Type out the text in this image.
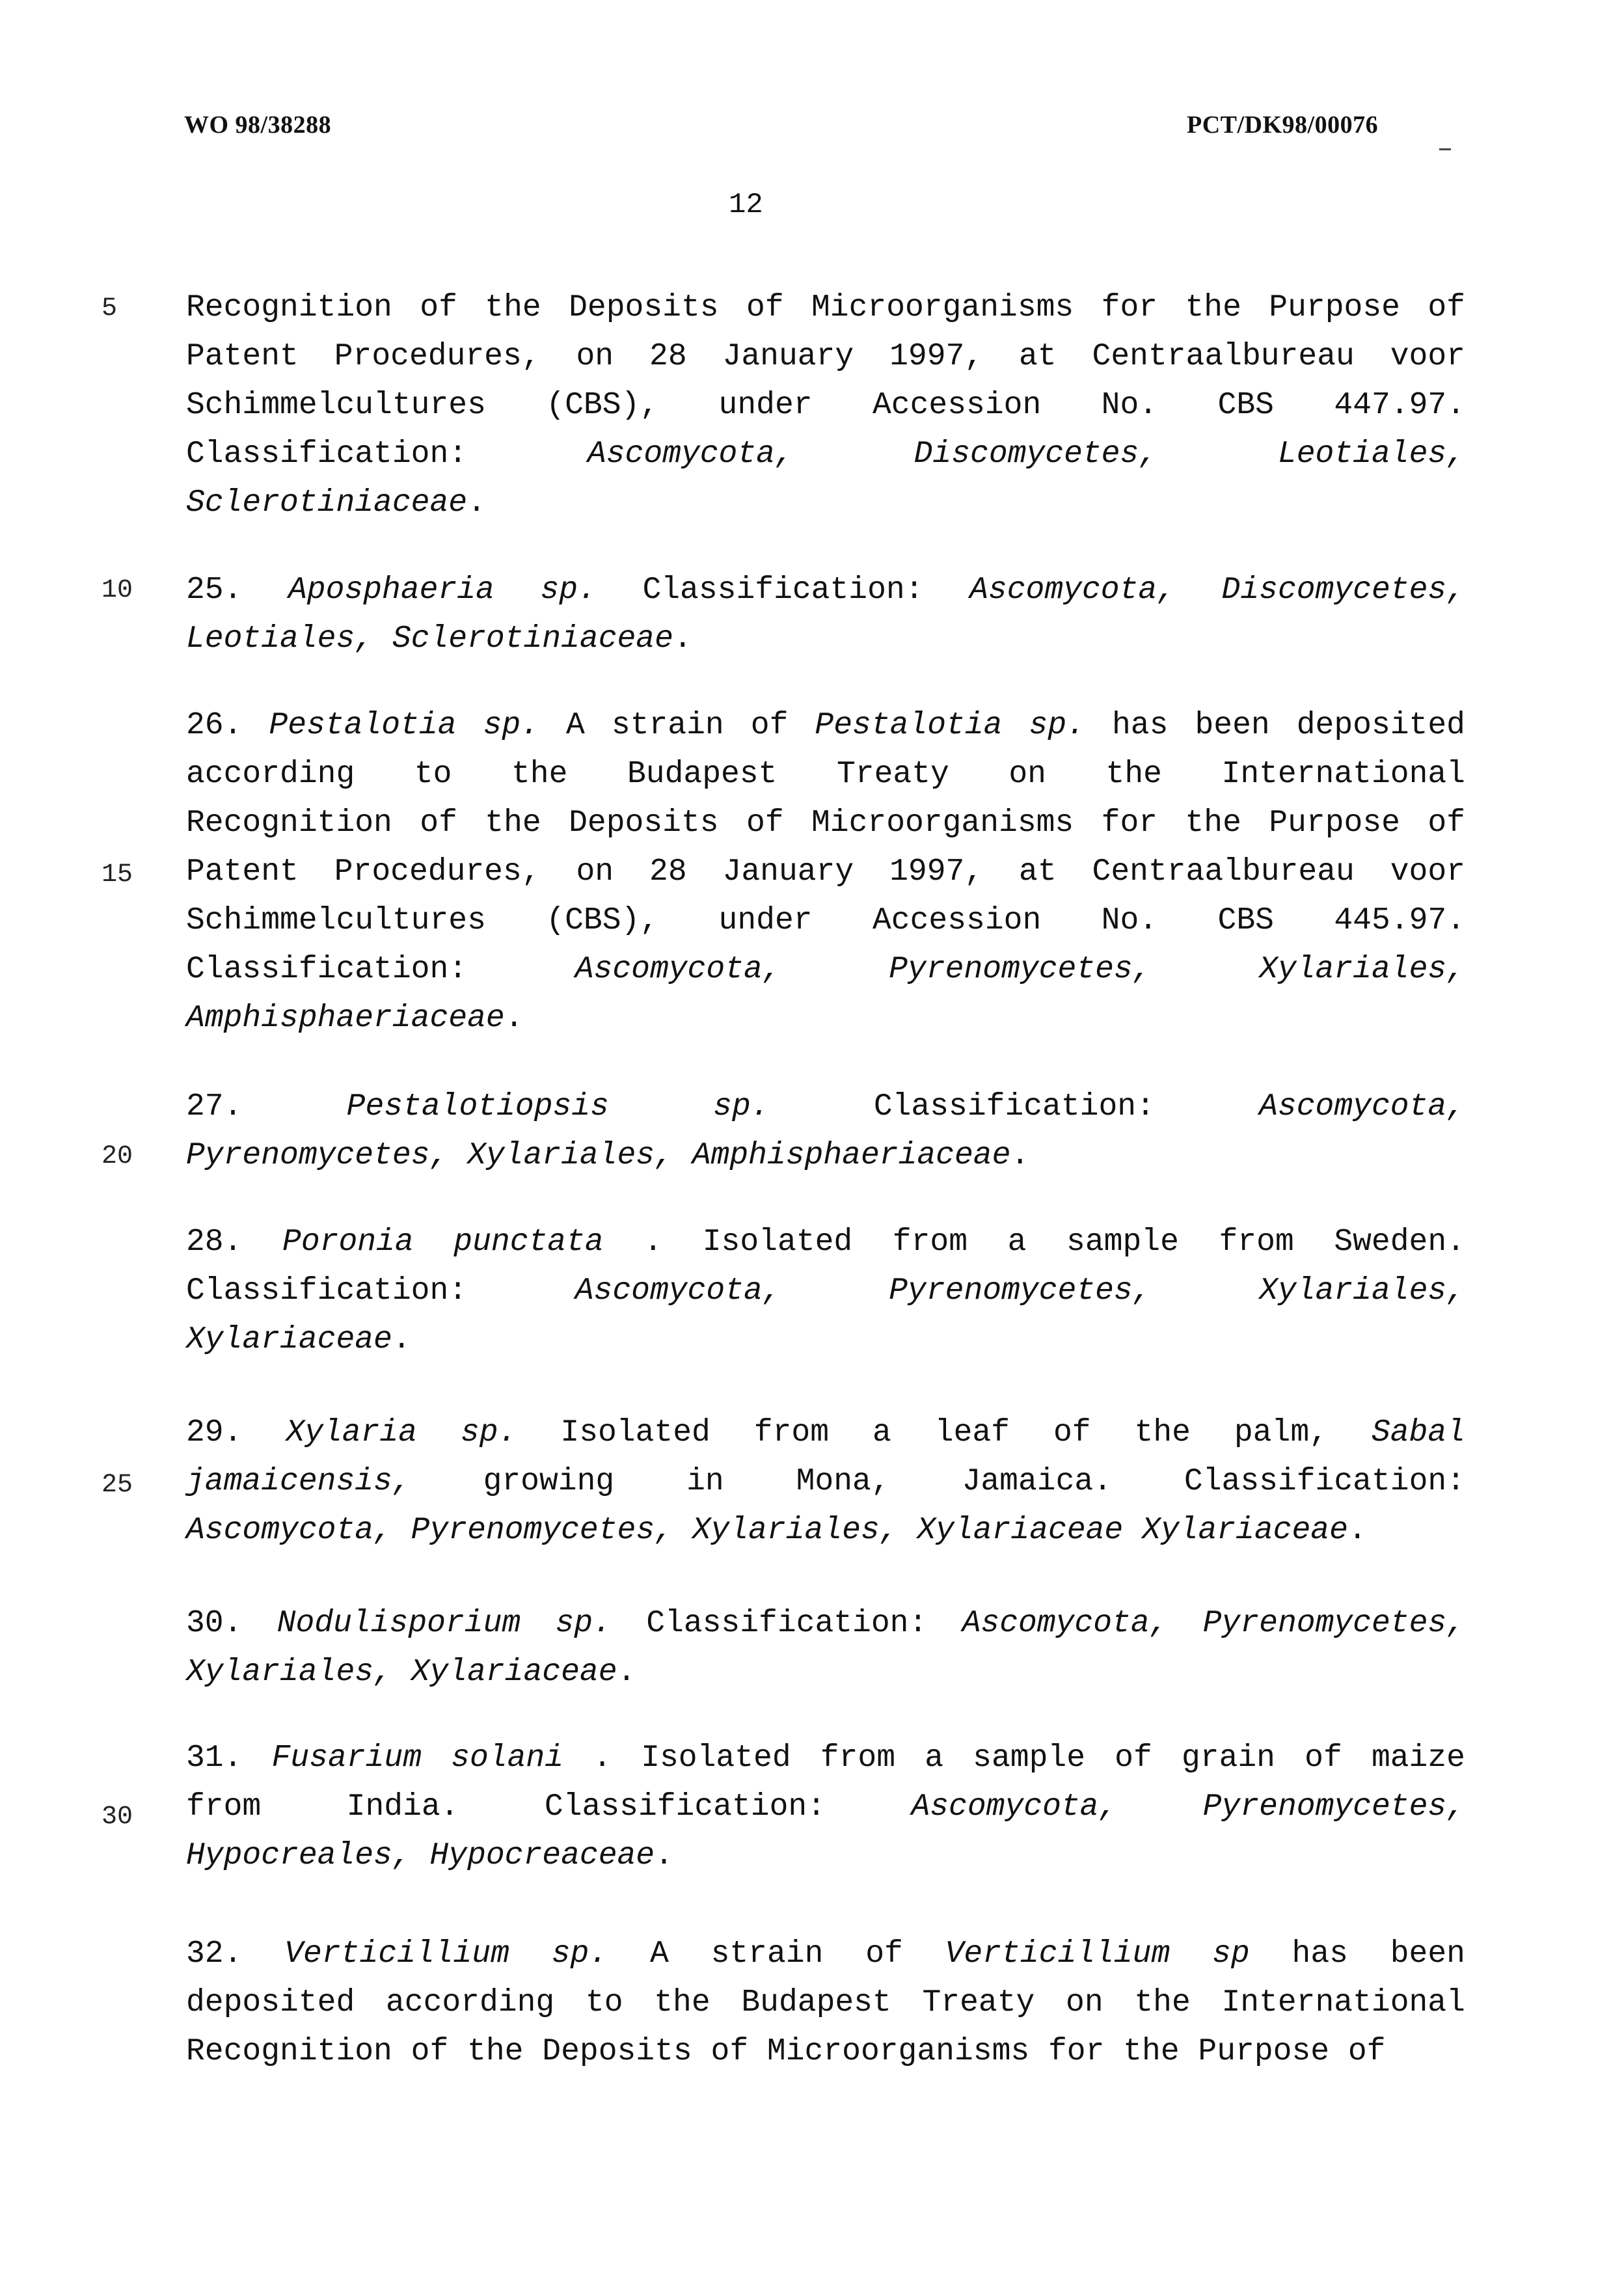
WO 98/38288	PCT/DK98/00076
12
5
10
15
20
25
30
Recognition of the Deposits of Microorganisms for the Purpose of
Patent Procedures, on 28 January 1997, at Centraalbureau voor
Schimmelcultures (CBS), under Accession No. CBS 447.97.
Classification:	Ascomycota,	Discomycetes,	Leotiales,
Sclerotiniaceae .
25. Aposphaeria sp. Classification: Ascomycota, Discomycetes,
Leotiales, Sclerotiniaceae .
26. Pestalotia sp. A strain of Pestalotia sp. has been deposited
according to the Budapest Treaty on the International
Recognition of the Deposits of Microorganisms for the Purpose of
Patent Procedures, on 28 January 1997, at Centraalbureau voor
Schimmelcultures (CBS), under Accession No. CBS 445.97.
Classification:	Ascomycota,	Pyrenomycetes,	Xylariales,
Amphisphaeriaceae .
27.	Pestalotiopsis	sp.	Classification:	Ascomycota,
Pyrenomycetes, Xylariales, Amphisphaeriaceae .
28. Poronia punctata . Isolated from a sample from Sweden.
Classification:	Ascomycota,	Pyrenomycetes,	Xylariales,
Xylariaceae .
29. Xylaria sp. Isolated from a leaf of the palm, Sabal
jamaicensis, growing in Mona, Jamaica. Classification:
Ascomycota, Pyrenomycetes, Xylariales, Xylariaceae Xylariaceae .
30. Nodulisporium sp. Classification: Ascomycota, Pyrenomycetes,
Xylariales, Xylariaceae .
31. Fusarium solani . Isolated from a sample of grain of maize
from	India.	Classification:	Ascomycota,	Pyrenomycetes,
Hypocreales, Hypocreaceae .
32. Verticillium sp. A strain of Verticillium sp has been
deposited according to the Budapest Treaty on the International
Recognition of the Deposits of Microorganisms for the Purpose of
